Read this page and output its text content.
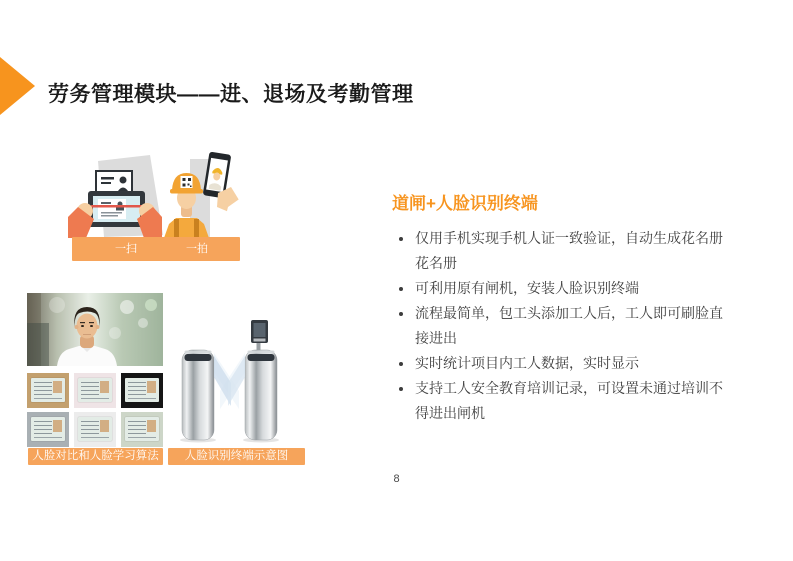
劳务管理模块——进、退场及考勤管理
一扫	一拍
人脸对比和人脸学习算法	人脸识别终端示意图
道闸+人脸识别终端
仅用手机实现手机人证一致验证，自动生成花名册
花名册
可利用原有闸机，安装人脸识别终端
流程最简单，包工头添加工人后，工人即可刷脸直
接进出
实时统计项目内工人数据，实时显示
支持工人安全教育培训记录，可设置未通过培训不
得进出闸机
8
